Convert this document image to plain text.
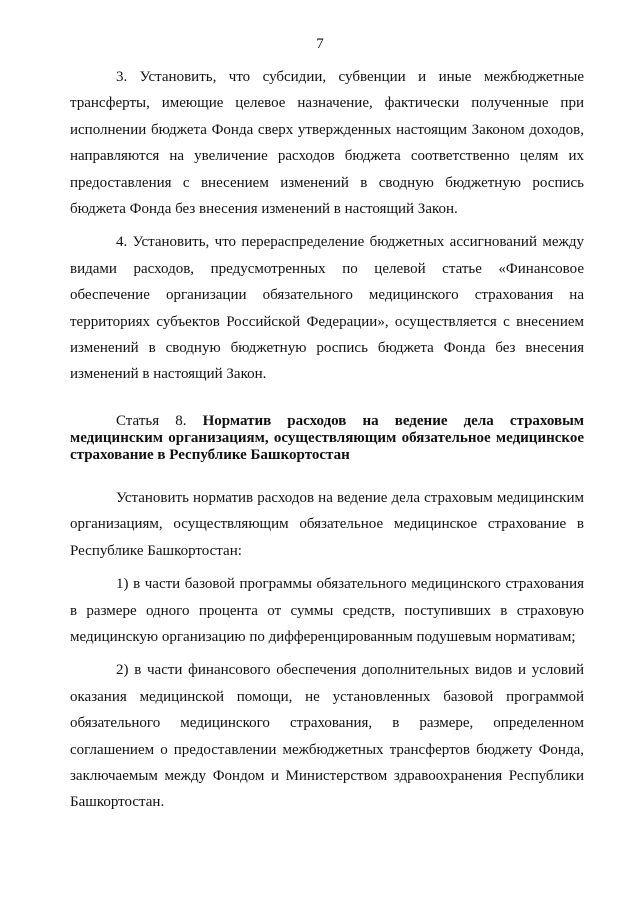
7

3. Установить, что субсидии, субвенции и иные межбюджетные трансферты, имеющие целевое назначение, фактически полученные при исполнении бюджета Фонда сверх утвержденных настоящим Законом доходов, направляются на увеличение расходов бюджета соответственно целям их предоставления с внесением изменений в сводную бюджетную роспись бюджета Фонда без внесения изменений в настоящий Закон.

4. Установить, что перераспределение бюджетных ассигнований между видами расходов, предусмотренных по целевой статье «Финансовое обеспечение организации обязательного медицинского страхования на территориях субъектов Российской Федерации», осуществляется с внесением изменений в сводную бюджетную роспись бюджета Фонда без внесения изменений в настоящий Закон.

Статья 8. Норматив расходов на ведение дела страховым медицинским организациям, осуществляющим обязательное медицинское страхование в Республике Башкортостан

Установить норматив расходов на ведение дела страховым медицинским организациям, осуществляющим обязательное медицинское страхование в Республике Башкортостан:

1) в части базовой программы обязательного медицинского страхования в размере одного процента от суммы средств, поступивших в страховую медицинскую организацию по дифференцированным подушевым нормативам;

2) в части финансового обеспечения дополнительных видов и условий оказания медицинской помощи, не установленных базовой программой обязательного медицинского страхования, в размере, определенном соглашением о предоставлении межбюджетных трансфертов бюджету Фонда, заключаемым между Фондом и Министерством здравоохранения Республики Башкортостан.
